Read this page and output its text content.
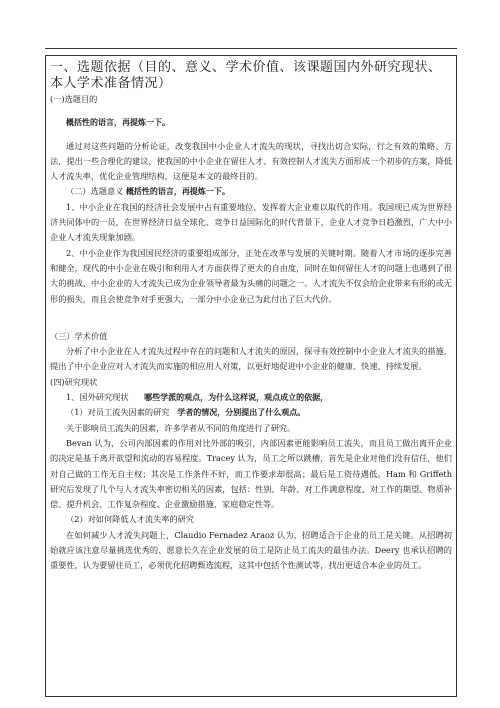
一、选题依据（目的、意义、学术价值、该课题国内外研究现状、本人学术准备情况）

(一)选题目的

概括性的语言，再提炼一下。

通过对这些问题的分析论证，改变我国中小企业人才流失的现状，寻找出切合实际，行之有效的策略、方法，提出一些合理化的建议，使我国的中小企业在留住人才、有效控制人才流失方面形成一个初步的方案，降低人才流失率，优化企业管理结构，这便是本文的最终目的。

（二）选题意义 概括性的语言，再提炼一下。

1、中小企业在我国的经济社会发展中占有重要地位，发挥着大企业难以取代的作用。我国现已成为世界经济共同体中的一员，在世界经济日益全球化、竞争日益国际化的时代背景下，企业人才竞争日趋激烈，广大中小企业人才流失现象加剧。

2、中小企业作为我国国民经济的重要组成部分，正处在改革与发展的关键时期。随着人才市场的逐步完善和健全，现代的中小企业在吸引和利用人才方面获得了更大的自由度，同时在如何留住人才的问题上也遇到了很大的挑战，中小企业的人才流失已成为企业领导者最为头痛的问题之一。人才流失不仅会给企业带来有形的或无形的损失，而且会使竞争对手更强大，一部分中小企业已为此付出了巨大代价。

（三）学术价值

分析了中小企业在人才流失过程中存在的问题和人才流失的原因，探寻有效控制中小企业人才流失的措施，提出了中小企业应对人才流失而实施的相应用人对策，以更好地促进中小企业的健康、快速、持续发展。

(四)研究现状

1、国外研究现状 哪些学派的观点，为什么这样说，观点成立的依据，

（1）对员工流失因素的研究 学者的情况，分别提出了什么观点。

关于影响员工流失的因素，许多学者从不同的角度进行了研究。

Bevan 认为，公司内部因素的作用对比外部的吸引，内部因素更能影响员工流失，而且员工做出离开企业的决定是基于离开欲望和流动的容易程度。Tracey 认为，员工之所以跳槽，首先是企业对他们没有信任，他们对自己做的工作无自主权；其次是工作条件不好，而工作要求却很高；最后是工资待遇低。Ham 和 Griffeth 研究后发现了几个与人才流失率密切相关的因素，包括：性别、年龄、对工作满意程度、对工作的期望、物质补偿、提升机会、工作复杂程度、企业激励措施、家庭稳定性等。

（2）对如何降低人才流失率的研究

在如何减少人才流失问题上，Claudio Fernadez Araoz 认为，招聘适合于企业的员工是关键。从招聘初始就应该注意尽量挑选优秀的、愿意长久在企业发展的员工是防止员工流失的最佳办法。Deery 也承认招聘的重要性，认为要留住员工，必须优化招聘甄选流程，这其中包括个性测试等，找出更适合本企业的员工。
